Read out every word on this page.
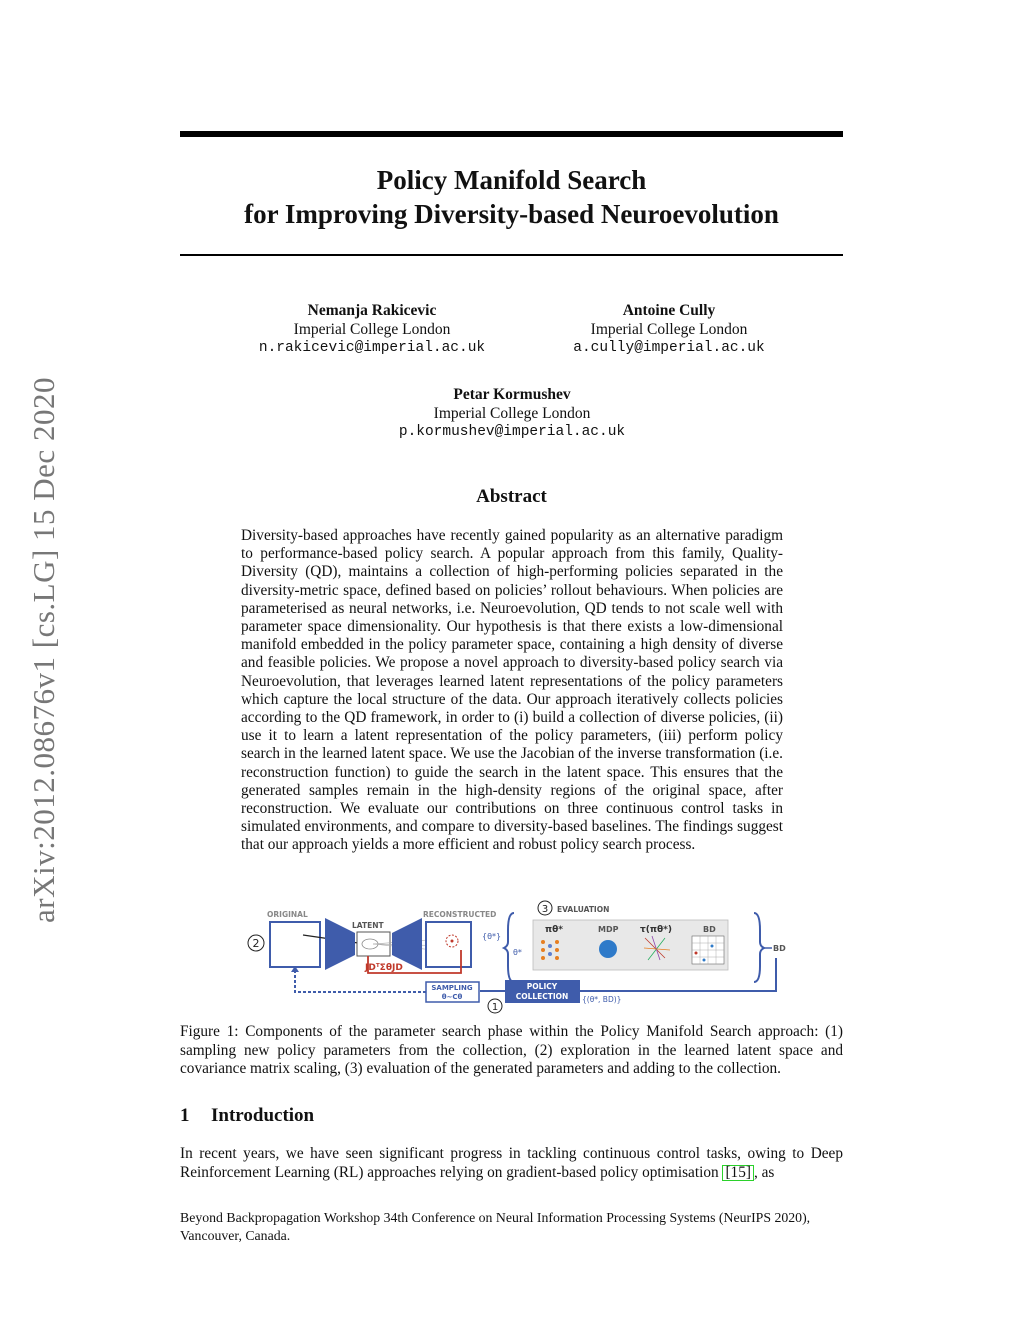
arXiv:2012.08676v1 [cs.LG] 15 Dec 2020
Policy Manifold Search
for Improving Diversity-based Neuroevolution
Nemanja Rakicevic
Imperial College London
n.rakicevic@imperial.ac.uk
Antoine Cully
Imperial College London
a.cully@imperial.ac.uk
Petar Kormushev
Imperial College London
p.kormushev@imperial.ac.uk
Abstract

Diversity-based approaches have recently gained popularity as an alternative paradigm to performance-based policy search. A popular approach from this family, Quality-Diversity (QD), maintains a collection of high-performing policies separated in the diversity-metric space, defined based on policies’ rollout behaviours. When policies are parameterised as neural networks, i.e. Neuroevolution, QD tends to not scale well with parameter space dimensionality. Our hypothesis is that there exists a low-dimensional manifold embedded in the policy parameter space, containing a high density of diverse and feasible policies. We propose a novel approach to diversity-based policy search via Neuroevolution, that leverages learned latent representations of the policy parameters which capture the local structure of the data. Our approach iteratively collects policies according to the QD framework, in order to (i) build a collection of diverse policies, (ii) use it to learn a latent representation of the policy parameters, (iii) perform policy search in the learned latent space. We use the Jacobian of the inverse transformation (i.e. reconstruction function) to guide the search in the latent space. This ensures that the generated samples remain in the high-density regions of the original space, after reconstruction. We evaluate our contributions on three continuous control tasks in simulated environments, and compare to diversity-based baselines. The findings suggest that our approach yields a more efficient and robust policy search process.

2
ORIGINAL
LATENT
RECONSTRUCTED
JDᵀΣθJD
{θ*}
3 EVALUATION
θ*
πθ*	MDP τ(πθ*)	BD
BD
POLICY
COLLECTION {(θ*, BD)}
1
SAMPLING
θ~Cθ

Figure 1: Components of the parameter search phase within the Policy Manifold Search approach: (1) sampling new policy parameters from the collection, (2) exploration in the learned latent space and covariance matrix scaling, (3) evaluation of the generated parameters and adding to the collection.

1 Introduction

In recent years, we have seen significant progress in tackling continuous control tasks, owing to Deep Reinforcement Learning (RL) approaches relying on gradient-based policy optimisation [15] , as

Beyond Backpropagation Workshop 34th Conference on Neural Information Processing Systems (NeurIPS 2020), Vancouver, Canada.
